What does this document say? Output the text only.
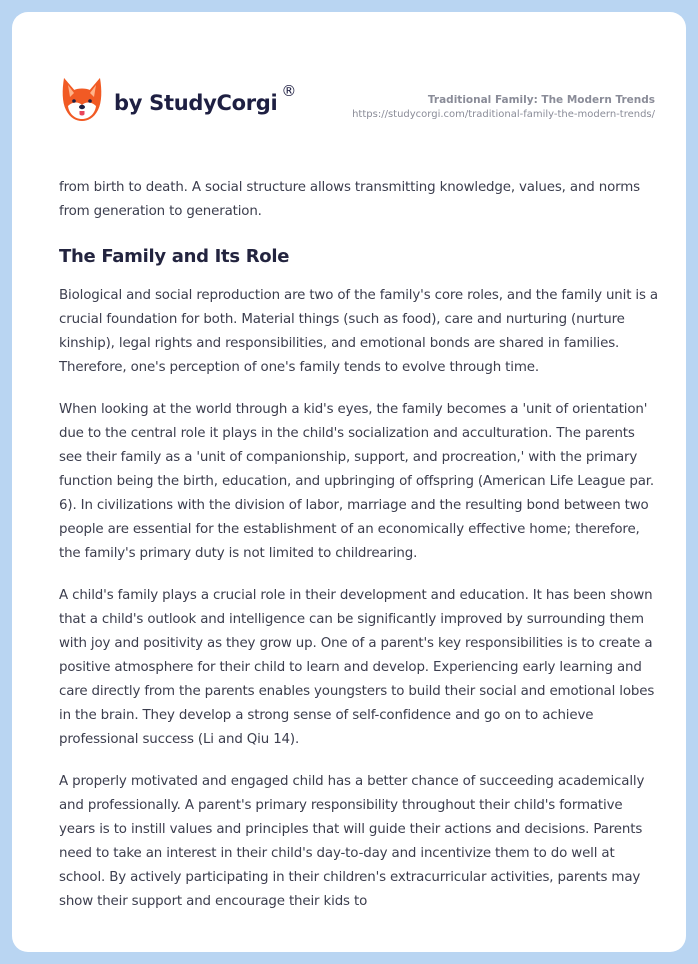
by StudyCorgi ®	Traditional Family: The Modern Trends
https://studycorgi.com/traditional-family-the-modern-trends/

from birth to death. A social structure allows transmitting knowledge, values, and norms from generation to generation.

The Family and Its Role

Biological and social reproduction are two of the family's core roles, and the family unit is a crucial foundation for both. Material things (such as food), care and nurturing (nurture kinship), legal rights and responsibilities, and emotional bonds are shared in families. Therefore, one's perception of one's family tends to evolve through time.

When looking at the world through a kid's eyes, the family becomes a 'unit of orientation' due to the central role it plays in the child's socialization and acculturation. The parents see their family as a 'unit of companionship, support, and procreation,' with the primary function being the birth, education, and upbringing of offspring (American Life League par. 6). In civilizations with the division of labor, marriage and the resulting bond between two people are essential for the establishment of an economically effective home; therefore, the family's primary duty is not limited to childrearing.

A child's family plays a crucial role in their development and education. It has been shown that a child's outlook and intelligence can be significantly improved by surrounding them with joy and positivity as they grow up. One of a parent's key responsibilities is to create a positive atmosphere for their child to learn and develop. Experiencing early learning and care directly from the parents enables youngsters to build their social and emotional lobes in the brain. They develop a strong sense of self-confidence and go on to achieve professional success (Li and Qiu 14).

A properly motivated and engaged child has a better chance of succeeding academically and professionally. A parent's primary responsibility throughout their child's formative years is to instill values and principles that will guide their actions and decisions. Parents need to take an interest in their child's day-to-day and incentivize them to do well at school. By actively participating in their children's extracurricular activities, parents may show their support and encourage their kids to
